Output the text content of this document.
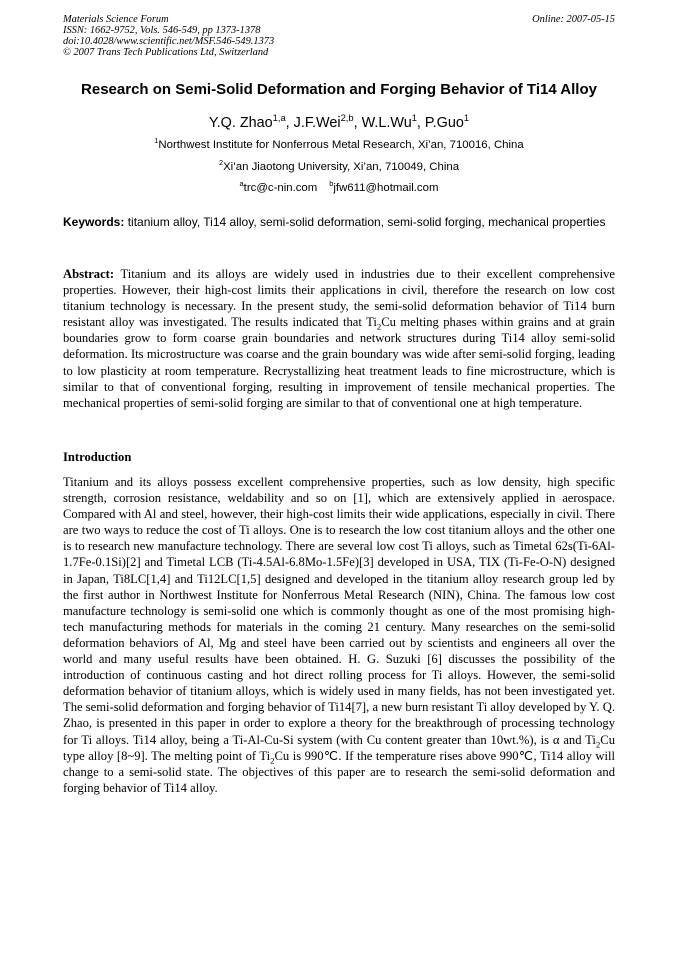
Materials Science Forum
ISSN: 1662-9752, Vols. 546-549, pp 1373-1378
doi:10.4028/www.scientific.net/MSF.546-549.1373
© 2007 Trans Tech Publications Ltd, Switzerland
Online: 2007-05-15
Research on Semi-Solid Deformation and Forging Behavior of Ti14 Alloy
Y.Q. Zhao$^{1,a}$, J.F.Wei$^{2,b}$, W.L.Wu$^1$, P.Guo$^1$
$^1$Northwest Institute for Nonferrous Metal Research, Xi’an, 710016, China
$^2$Xi’an Jiaotong University, Xi’an, 710049, China
$^a$trc@c-nin.com $^b$jfw611@hotmail.com
Keywords: titanium alloy, Ti14 alloy, semi-solid deformation, semi-solid forging, mechanical properties
Abstract: Titanium and its alloys are widely used in industries due to their excellent comprehensive properties. However, their high-cost limits their applications in civil, therefore the research on low cost titanium technology is necessary. In the present study, the semi-solid deformation behavior of Ti14 burn resistant alloy was investigated. The results indicated that $Ti_2Cu$ melting phases within grains and at grain boundaries grow to form coarse grain boundaries and network structures during Ti14 alloy semi-solid deformation. Its microstructure was coarse and the grain boundary was wide after semi-solid forging, leading to low plasticity at room temperature. Recrystallizing heat treatment leads to fine microstructure, which is similar to that of conventional forging, resulting in improvement of tensile mechanical properties. The mechanical properties of semi-solid forging are similar to that of conventional one at high temperature.
Introduction
Titanium and its alloys possess excellent comprehensive properties, such as low density, high specific strength, corrosion resistance, weldability and so on [1], which are extensively applied in aerospace. Compared with Al and steel, however, their high-cost limits their wide applications, especially in civil. There are two ways to reduce the cost of Ti alloys. One is to research the low cost titanium alloys and the other one is to research new manufacture technology. There are several low cost Ti alloys, such as Timetal 62s(Ti-6Al-1.7Fe-0.1Si)[2] and Timetal LCB (Ti-4.5Al-6.8Mo-1.5Fe)[3] developed in USA, TIX (Ti-Fe-O-N) designed in Japan, Ti8LC[1,4] and Ti12LC[1,5] designed and developed in the titanium alloy research group led by the first author in Northwest Institute for Nonferrous Metal Research (NIN), China. The famous low cost manufacture technology is semi-solid one which is commonly thought as one of the most promising high-tech manufacturing methods for materials in the coming 21 century. Many researches on the semi-solid deformation behaviors of Al, Mg and steel have been carried out by scientists and engineers all over the world and many useful results have been obtained. H. G. Suzuki [6] discusses the possibility of the introduction of continuous casting and hot direct rolling process for Ti alloys. However, the semi-solid deformation behavior of titanium alloys, which is widely used in many fields, has not been investigated yet. The semi-solid deformation and forging behavior of Ti14[7], a new burn resistant Ti alloy developed by Y. Q. Zhao, is presented in this paper in order to explore a theory for the breakthrough of processing technology for Ti alloys. Ti14 alloy, being a Ti-Al-Cu-Si system (with Cu content greater than 10wt.%), is α and $Ti_2Cu$ type alloy [8~9]. The melting point of $Ti_2Cu$ is 990℃. If the temperature rises above 990℃, Ti14 alloy will change to a semi-solid state. The objectives of this paper are to research the semi-solid deformation and forging behavior of Ti14 alloy.
